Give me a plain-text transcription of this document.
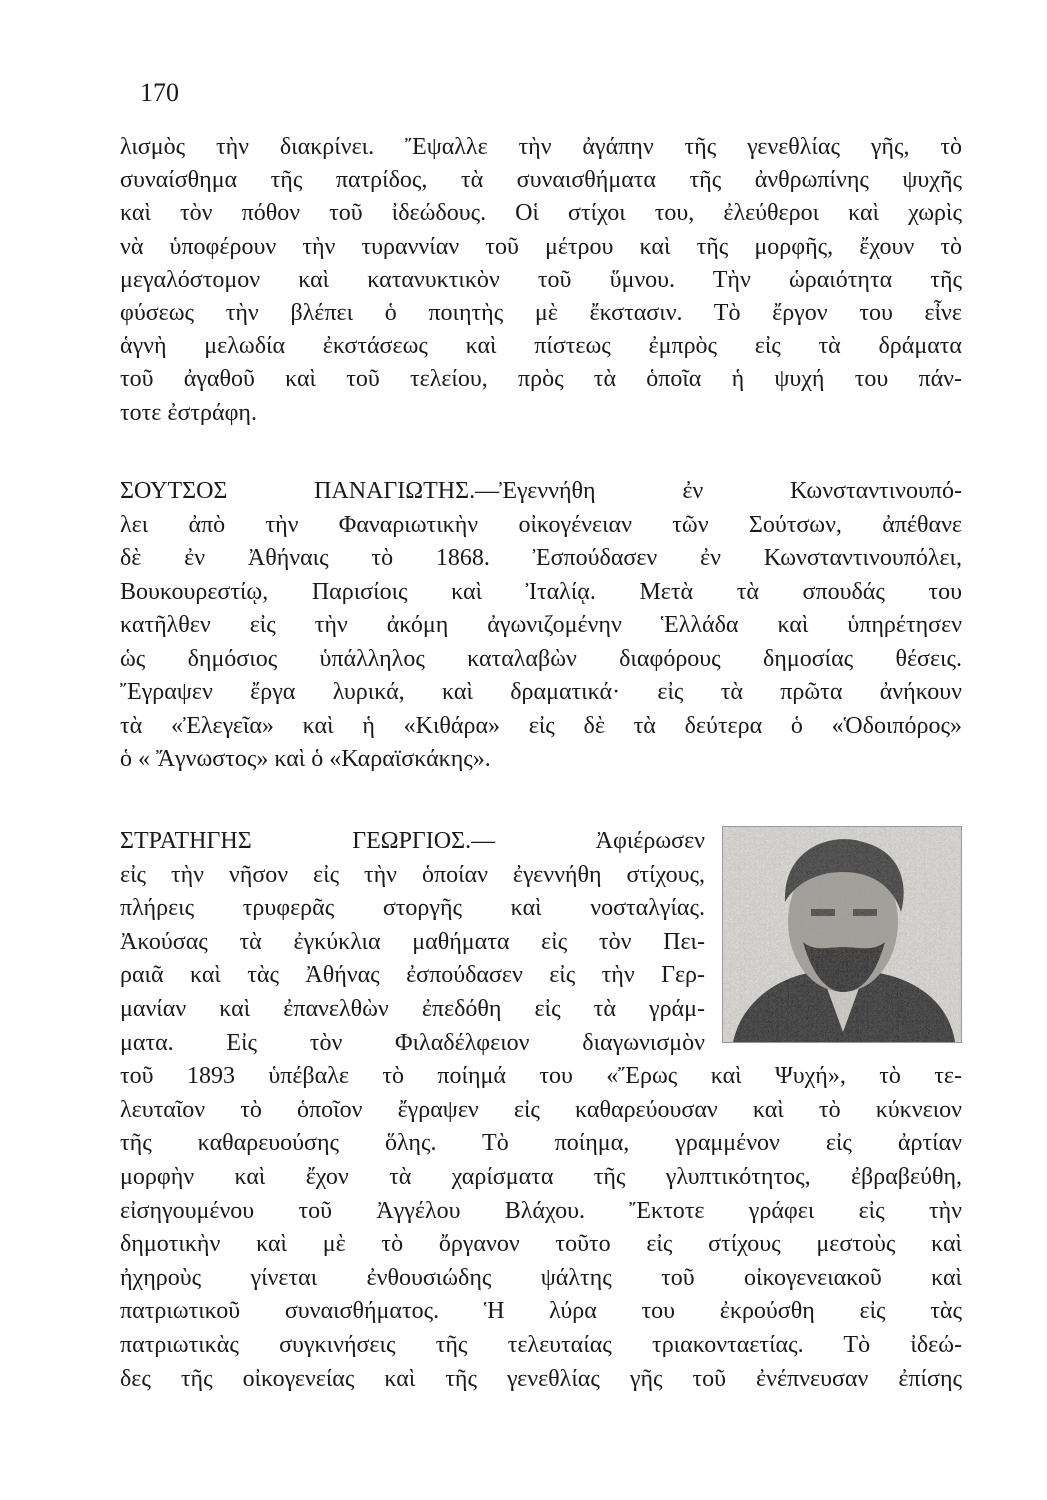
170
λισμὸς τὴν διακρίνει. Ἔψαλλε τὴν ἀγάπην τῆς γενεθλίας γῆς, τὸ
συναίσθημα τῆς πατρίδος, τὰ συναισθήματα τῆς ἀνθρωπίνης ψυχῆς
καὶ τὸν πόθον τοῦ ἰδεώδους. Οἱ στίχοι του, ἐλεύθεροι καὶ χωρὶς
νὰ ὑποφέρουν τὴν τυραννίαν τοῦ μέτρου καὶ τῆς μορφῆς, ἔχουν τὸ
μεγαλόστομον καὶ κατανυκτικὸν τοῦ ὕμνου. Τὴν ὡραιότητα τῆς
φύσεως τὴν βλέπει ὁ ποιητὴς μὲ ἔκστασιν. Τὸ ἔργον του εἶνε
ἁγνὴ μελωδία ἐκστάσεως καὶ πίστεως ἐμπρὸς εἰς τὰ δράματα
τοῦ ἀγαθοῦ καὶ τοῦ τελείου, πρὸς τὰ ὁποῖα ἡ ψυχή του πάν-
τοτε ἐστράφη.
ΣΟΥΤΣΟΣ ΠΑΝΑΓΙΩΤΗΣ.—Ἐγεννήθη ἐν Κωνσταντινουπό-
λει ἀπὸ τὴν Φαναριωτικὴν οἰκογένειαν τῶν Σούτσων, ἀπέθανε
δὲ ἐν Ἀθήναις τὸ 1868. Ἐσπούδασεν ἐν Κωνσταντινουπόλει,
Βουκουρεστίῳ, Παρισίοις καὶ Ἰταλίᾳ. Μετὰ τὰ σπουδάς του
κατῆλθεν εἰς τὴν ἀκόμη ἀγωνιζομένην Ἑλλάδα καὶ ὑπηρέτησεν
ὡς δημόσιος ὑπάλληλος καταλαβὼν διαφόρους δημοσίας θέσεις.
Ἔγραψεν ἔργα λυρικά, καὶ δραματικά· εἰς τὰ πρῶτα ἀνήκουν
τὰ «Ἐλεγεῖα» καὶ ἡ «Κιθάρα» εἰς δὲ τὰ δεύτερα ὁ «Ὁδοιπόρος»
ὁ « Ἄγνωστος» καὶ ὁ «Καραϊσκάκης».
ΣΤΡΑΤΗΓΗΣ ΓΕΩΡΓΙΟΣ.— Ἀφιέρωσεν
εἰς τὴν νῆσον εἰς τὴν ὁποίαν ἐγεννήθη στίχους,
πλήρεις τρυφερᾶς στοργῆς καὶ νοσταλγίας.
Ἀκούσας τὰ ἐγκύκλια μαθήματα εἰς τὸν Πει-
ραιᾶ καὶ τὰς Ἀθήνας ἐσπούδασεν εἰς τὴν Γερ-
μανίαν καὶ ἐπανελθὼν ἐπεδόθη εἰς τὰ γράμ-
ματα. Εἰς τὸν Φιλαδέλφειον διαγωνισμὸν
τοῦ 1893 ὑπέβαλε τὸ ποίημά του «Ἔρως καὶ Ψυχή», τὸ τε-
λευταῖον τὸ ὁποῖον ἔγραψεν εἰς καθαρεύουσαν καὶ τὸ κύκνειον
τῆς καθαρευούσης ὅλης. Τὸ ποίημα, γραμμένον εἰς ἀρτίαν
μορφὴν καὶ ἔχον τὰ χαρίσματα τῆς γλυπτικότητος, ἐβραβεύθη,
εἰσηγουμένου τοῦ Ἀγγέλου Βλάχου. Ἔκτοτε γράφει εἰς τὴν
δημοτικὴν καὶ μὲ τὸ ὄργανον τοῦτο εἰς στίχους μεστοὺς καὶ
ἠχηροὺς γίνεται ἐνθουσιώδης ψάλτης τοῦ οἰκογενειακοῦ καὶ
πατριωτικοῦ συναισθήματος. Ἡ λύρα του ἐκρούσθη εἰς τὰς
πατριωτικὰς συγκινήσεις τῆς τελευταίας τριακονταετίας. Τὸ ἰδεώ-
δες τῆς οἰκογενείας καὶ τῆς γενεθλίας γῆς τοῦ ἐνέπνευσαν ἐπίσης
